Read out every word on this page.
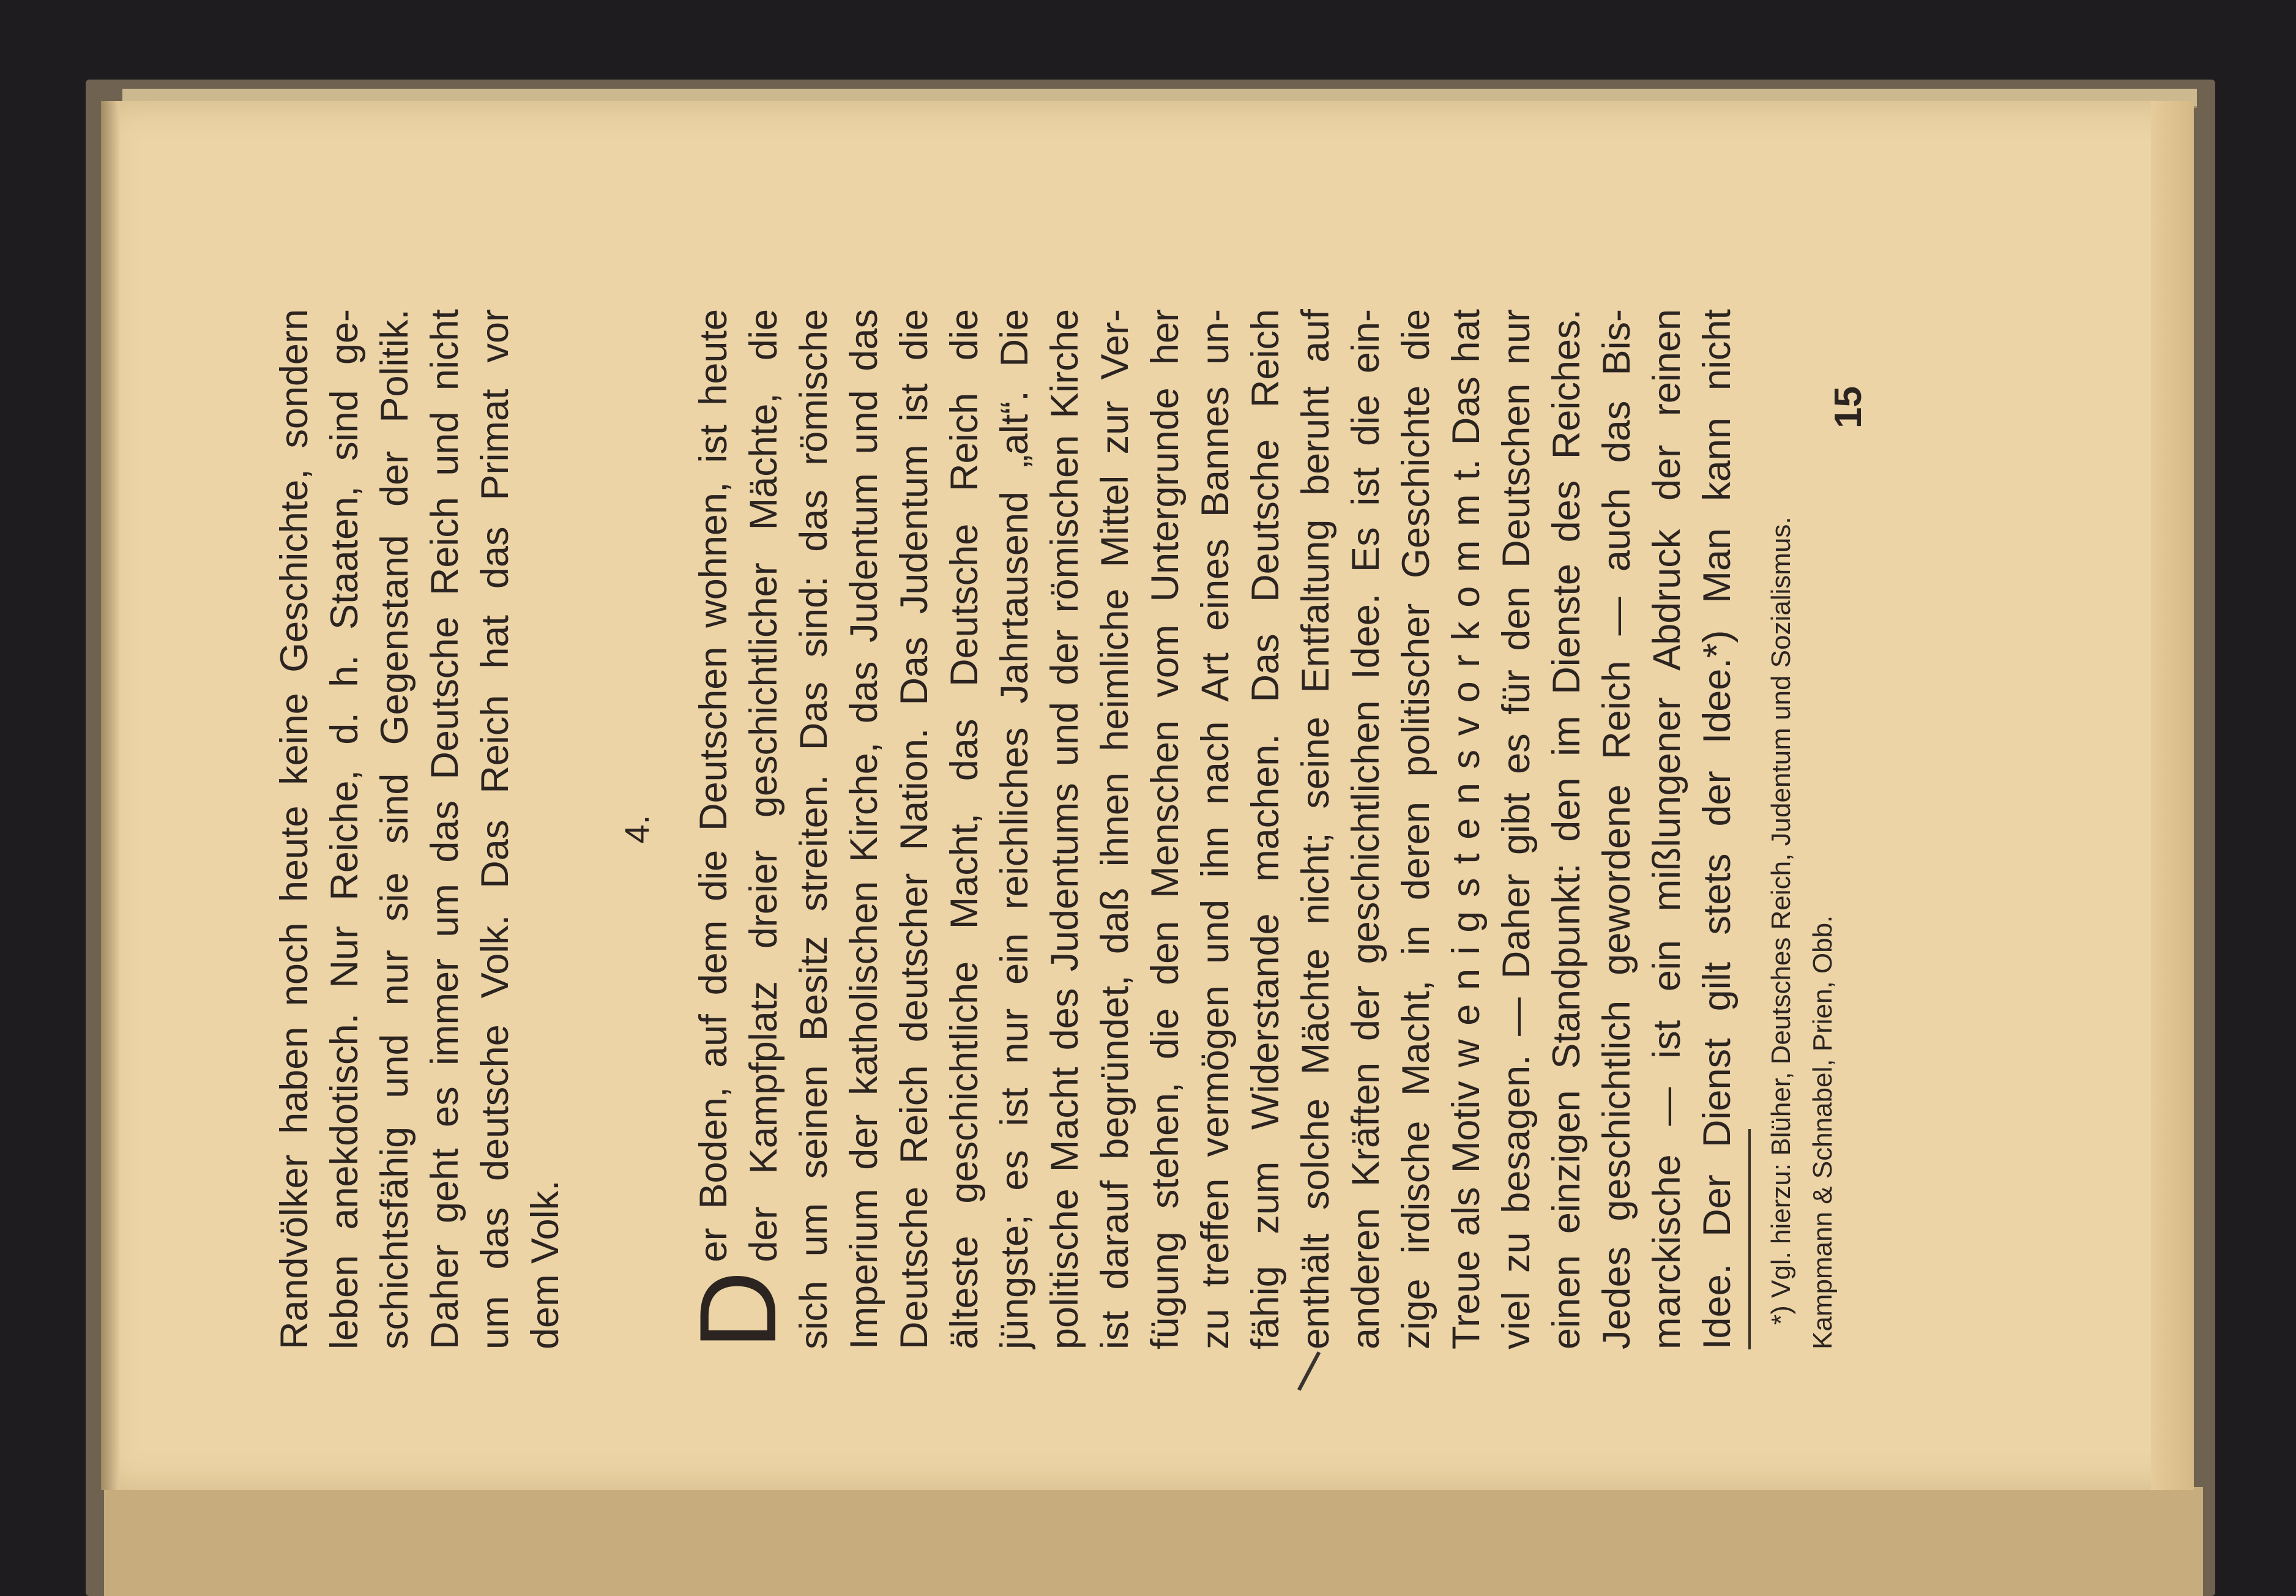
Randvölker haben noch heute keine Geschichte, sondern leben anekdotisch. Nur Reiche, d. h. Staaten, sind ge- schichtsfähig und nur sie sind Gegenstand der Politik. Daher geht es immer um das Deutsche Reich und nicht um das deutsche Volk. Das Reich hat das Primat vor dem Volk.
4.
D
er Boden, auf dem die Deutschen wohnen, ist heute der Kampfplatz dreier geschichtlicher Mächte, die sich um seinen Besitz streiten. Das sind: das römische Imperium der katholischen Kirche, das Judentum und das Deutsche Reich deutscher Nation. Das Judentum ist die älteste geschichtliche Macht, das Deutsche Reich die jüngste; es ist nur ein reichliches Jahrtausend „alt“. Die politische Macht des Judentums und der römischen Kirche ist darauf begründet, daß ihnen heimliche Mittel zur Ver- fügung stehen, die den Menschen vom Untergrunde her zu treffen vermögen und ihn nach Art eines Bannes un- fähig zum Widerstande machen. Das Deutsche Reich enthält solche Mächte nicht; seine Entfaltung beruht auf anderen Kräften der geschichtlichen Idee. Es ist die ein- zige irdische Macht, in deren politischer Geschichte die Treue als Motiv w e n i g s t e n s v o r k o m m t. Das hat viel zu besagen. — Daher gibt es für den Deutschen nur einen einzigen Standpunkt: den im Dienste des Reiches. Jedes geschichtlich gewordene Reich — auch das Bis- marckische — ist ein mißlungener Abdruck der reinen Idee. Der Dienst gilt stets der Idee.*) Man kann nicht *) Vgl. hierzu: Blüher, Deutsches Reich, Judentum und Sozialismus. Kampmann & Schnabel, Prien, Obb.

15
